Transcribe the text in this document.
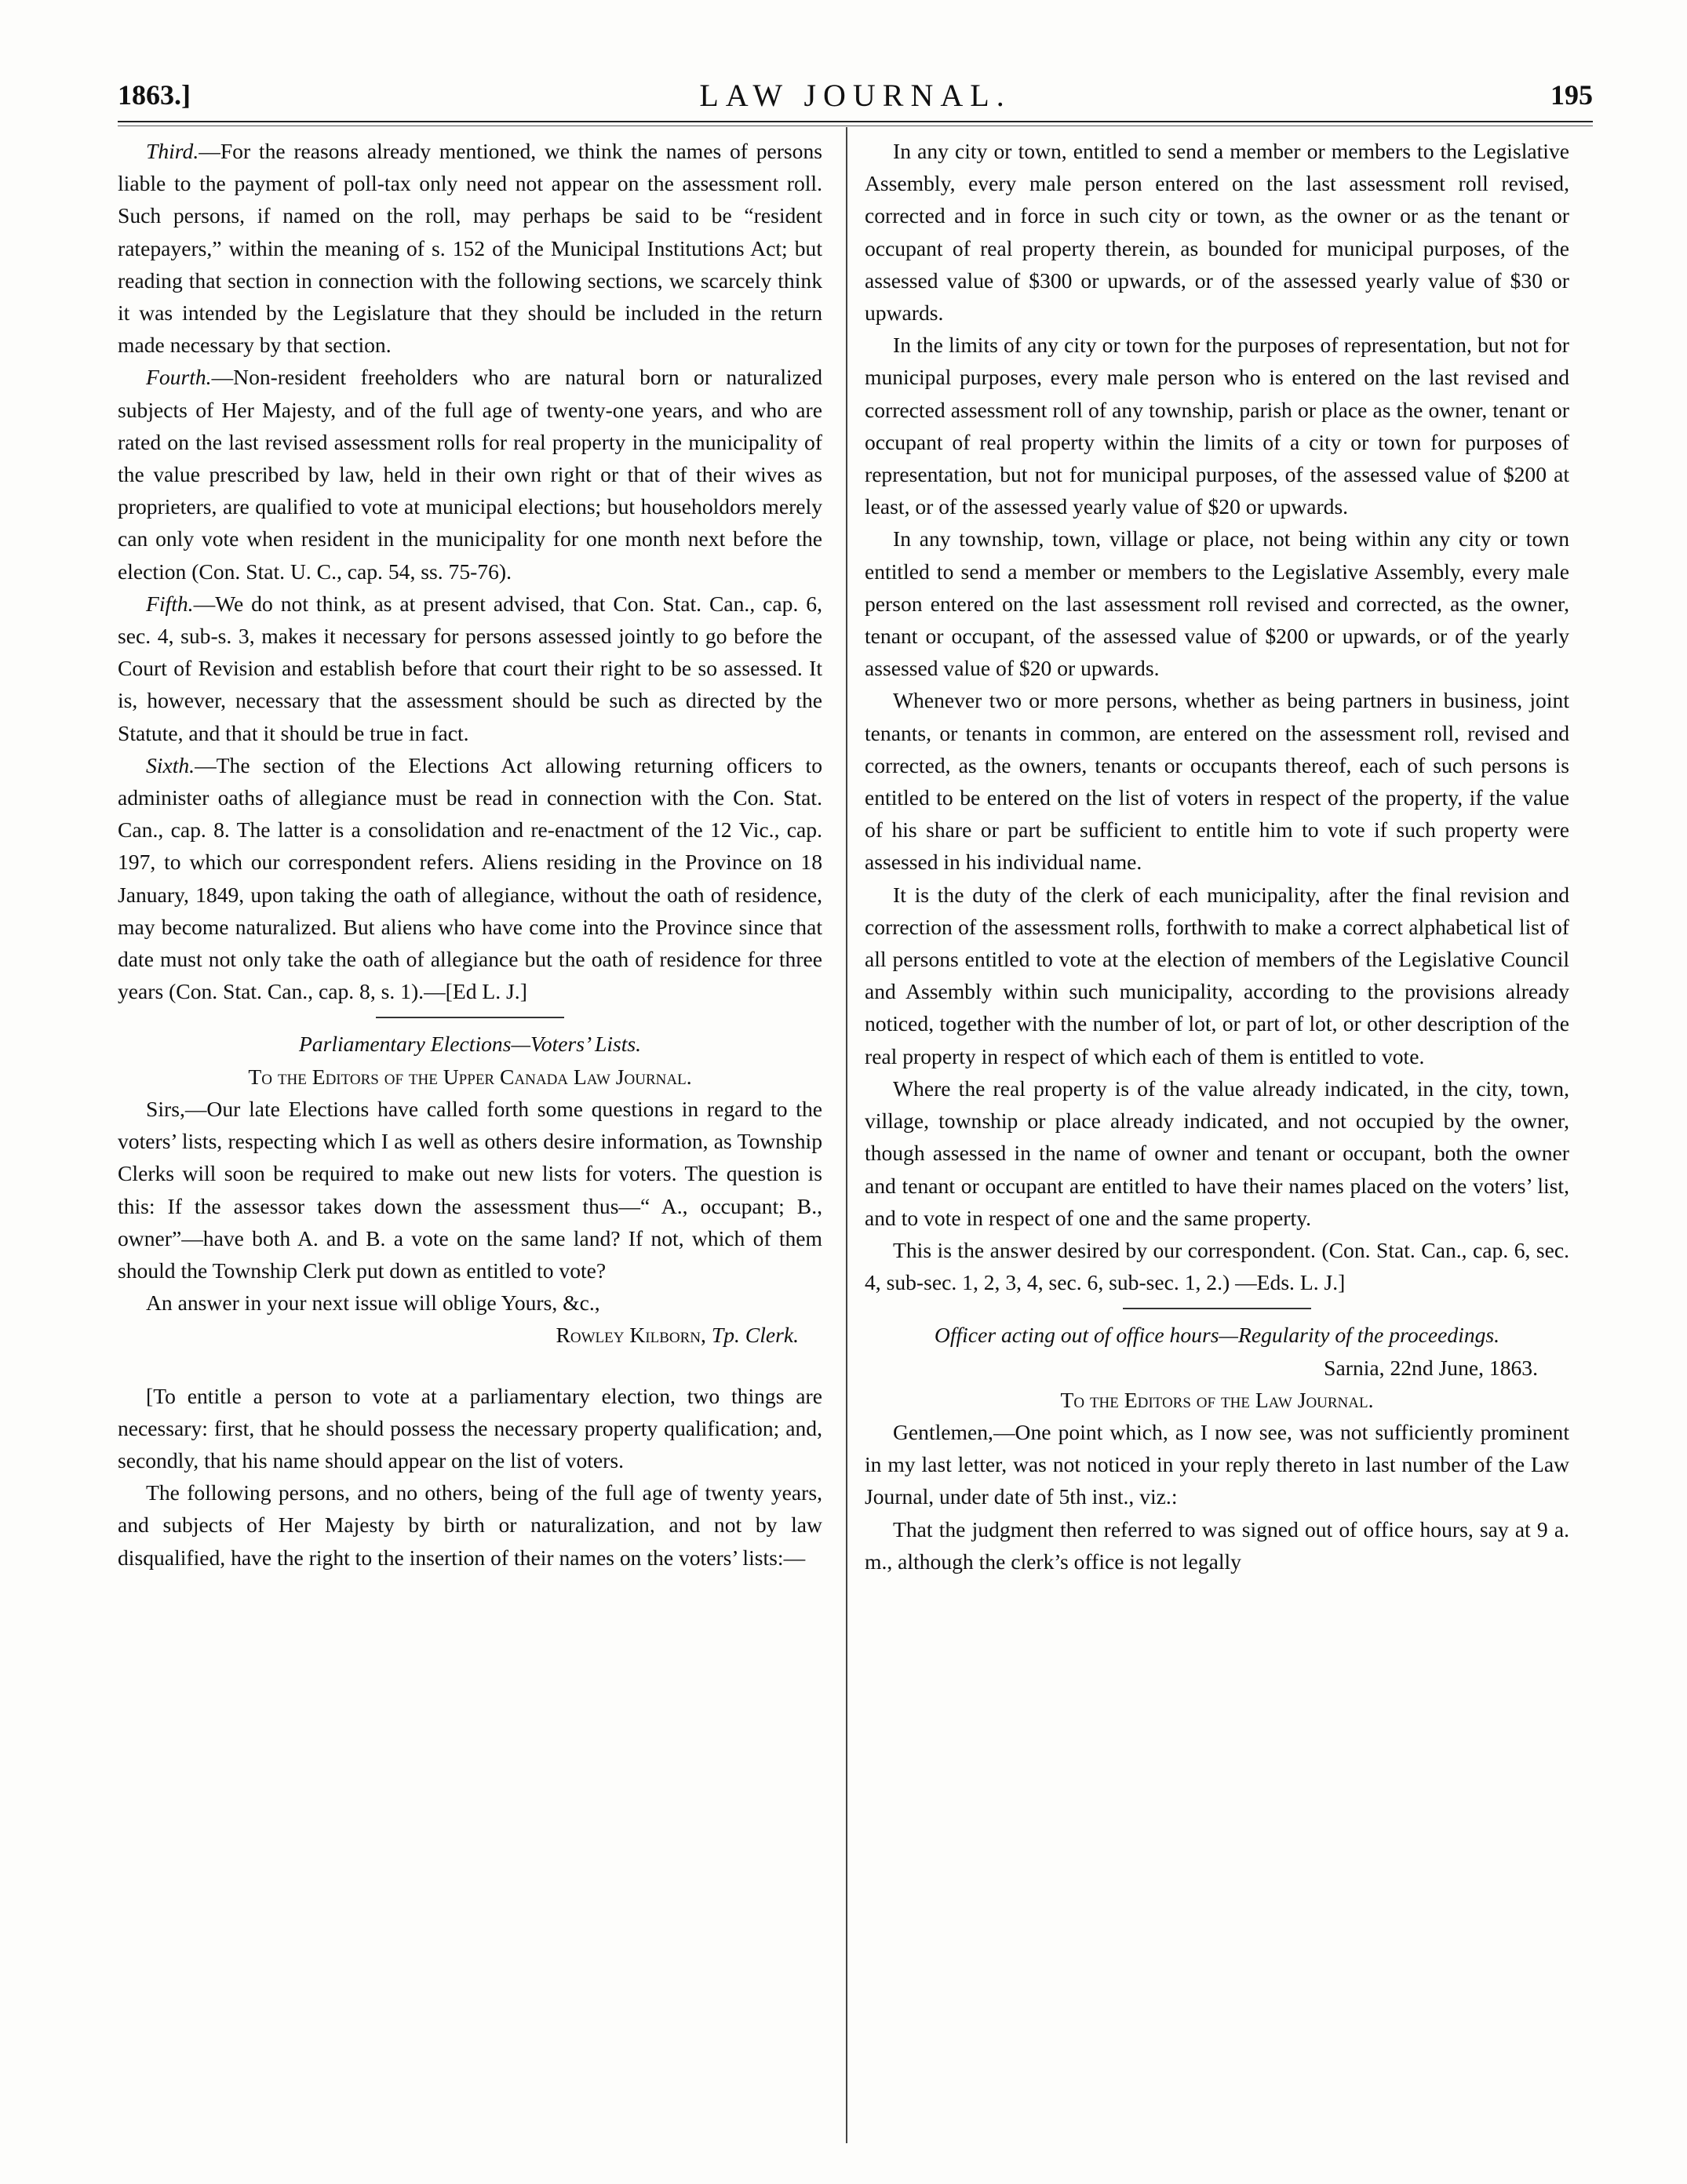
1863.]	LAW JOURNAL.	195

Third.—For the reasons already mentioned, we think the names of persons liable to the payment of poll-tax only need not appear on the assessment roll. Such persons, if named on the roll, may perhaps be said to be “resident ratepayers,” within the meaning of s. 152 of the Municipal Institutions Act; but reading that section in connection with the following sections, we scarcely think it was intended by the Legislature that they should be included in the return made necessary by that section.

Fourth.—Non-resident freeholders who are natural born or naturalized subjects of Her Majesty, and of the full age of twenty-one years, and who are rated on the last revised assessment rolls for real property in the municipality of the value prescribed by law, held in their own right or that of their wives as proprieters, are qualified to vote at municipal elections; but householdors merely can only vote when resident in the municipality for one month next before the election (Con. Stat. U. C., cap. 54, ss. 75-76).

Fifth.—We do not think, as at present advised, that Con. Stat. Can., cap. 6, sec. 4, sub-s. 3, makes it necessary for persons assessed jointly to go before the Court of Revision and establish before that court their right to be so assessed. It is, however, necessary that the assessment should be such as directed by the Statute, and that it should be true in fact.

Sixth.—The section of the Elections Act allowing returning officers to administer oaths of allegiance must be read in connection with the Con. Stat. Can., cap. 8. The latter is a consolidation and re-enactment of the 12 Vic., cap. 197, to which our correspondent refers. Aliens residing in the Province on 18 January, 1849, upon taking the oath of allegiance, without the oath of residence, may become naturalized. But aliens who have come into the Province since that date must not only take the oath of allegiance but the oath of residence for three years (Con. Stat. Can., cap. 8, s. 1).—[Ed L. J.]

Parliamentary Elections—Voters’ Lists.

To the Editors of the Upper Canada Law Journal.

Sirs,—Our late Elections have called forth some questions in regard to the voters’ lists, respecting which I as well as others desire information, as Township Clerks will soon be required to make out new lists for voters. The question is this: If the assessor takes down the assessment thus—“ A., occupant; B., owner”—have both A. and B. a vote on the same land? If not, which of them should the Township Clerk put down as entitled to vote?

An answer in your next issue will oblige Yours, &c.,

Rowley Kilborn, Tp. Clerk.

[To entitle a person to vote at a parliamentary election, two things are necessary: first, that he should possess the necessary property qualification; and, secondly, that his name should appear on the list of voters.

The following persons, and no others, being of the full age of twenty years, and subjects of Her Majesty by birth or naturalization, and not by law disqualified, have the right to the insertion of their names on the voters’ lists:—

In any city or town, entitled to send a member or members to the Legislative Assembly, every male person entered on the last assessment roll revised, corrected and in force in such city or town, as the owner or as the tenant or occupant of real property therein, as bounded for municipal purposes, of the assessed value of $300 or upwards, or of the assessed yearly value of $30 or upwards.

In the limits of any city or town for the purposes of representation, but not for municipal purposes, every male person who is entered on the last revised and corrected assessment roll of any township, parish or place as the owner, tenant or occupant of real property within the limits of a city or town for purposes of representation, but not for municipal purposes, of the assessed value of $200 at least, or of the assessed yearly value of $20 or upwards.

In any township, town, village or place, not being within any city or town entitled to send a member or members to the Legislative Assembly, every male person entered on the last assessment roll revised and corrected, as the owner, tenant or occupant, of the assessed value of $200 or upwards, or of the yearly assessed value of $20 or upwards.

Whenever two or more persons, whether as being partners in business, joint tenants, or tenants in common, are entered on the assessment roll, revised and corrected, as the owners, tenants or occupants thereof, each of such persons is entitled to be entered on the list of voters in respect of the property, if the value of his share or part be sufficient to entitle him to vote if such property were assessed in his individual name.

It is the duty of the clerk of each municipality, after the final revision and correction of the assessment rolls, forthwith to make a correct alphabetical list of all persons entitled to vote at the election of members of the Legislative Council and Assembly within such municipality, according to the provisions already noticed, together with the number of lot, or part of lot, or other description of the real property in respect of which each of them is entitled to vote.

Where the real property is of the value already indicated, in the city, town, village, township or place already indicated, and not occupied by the owner, though assessed in the name of owner and tenant or occupant, both the owner and tenant or occupant are entitled to have their names placed on the voters’ list, and to vote in respect of one and the same property.

This is the answer desired by our correspondent. (Con. Stat. Can., cap. 6, sec. 4, sub-sec. 1, 2, 3, 4, sec. 6, sub-sec. 1, 2.) —Eds. L. J.]

Officer acting out of office hours—Regularity of the proceedings.

Sarnia, 22nd June, 1863.

To the Editors of the Law Journal.

Gentlemen,—One point which, as I now see, was not sufficiently prominent in my last letter, was not noticed in your reply thereto in last number of the Law Journal, under date of 5th inst., viz.:

That the judgment then referred to was signed out of office hours, say at 9 a. m., although the clerk’s office is not legally
